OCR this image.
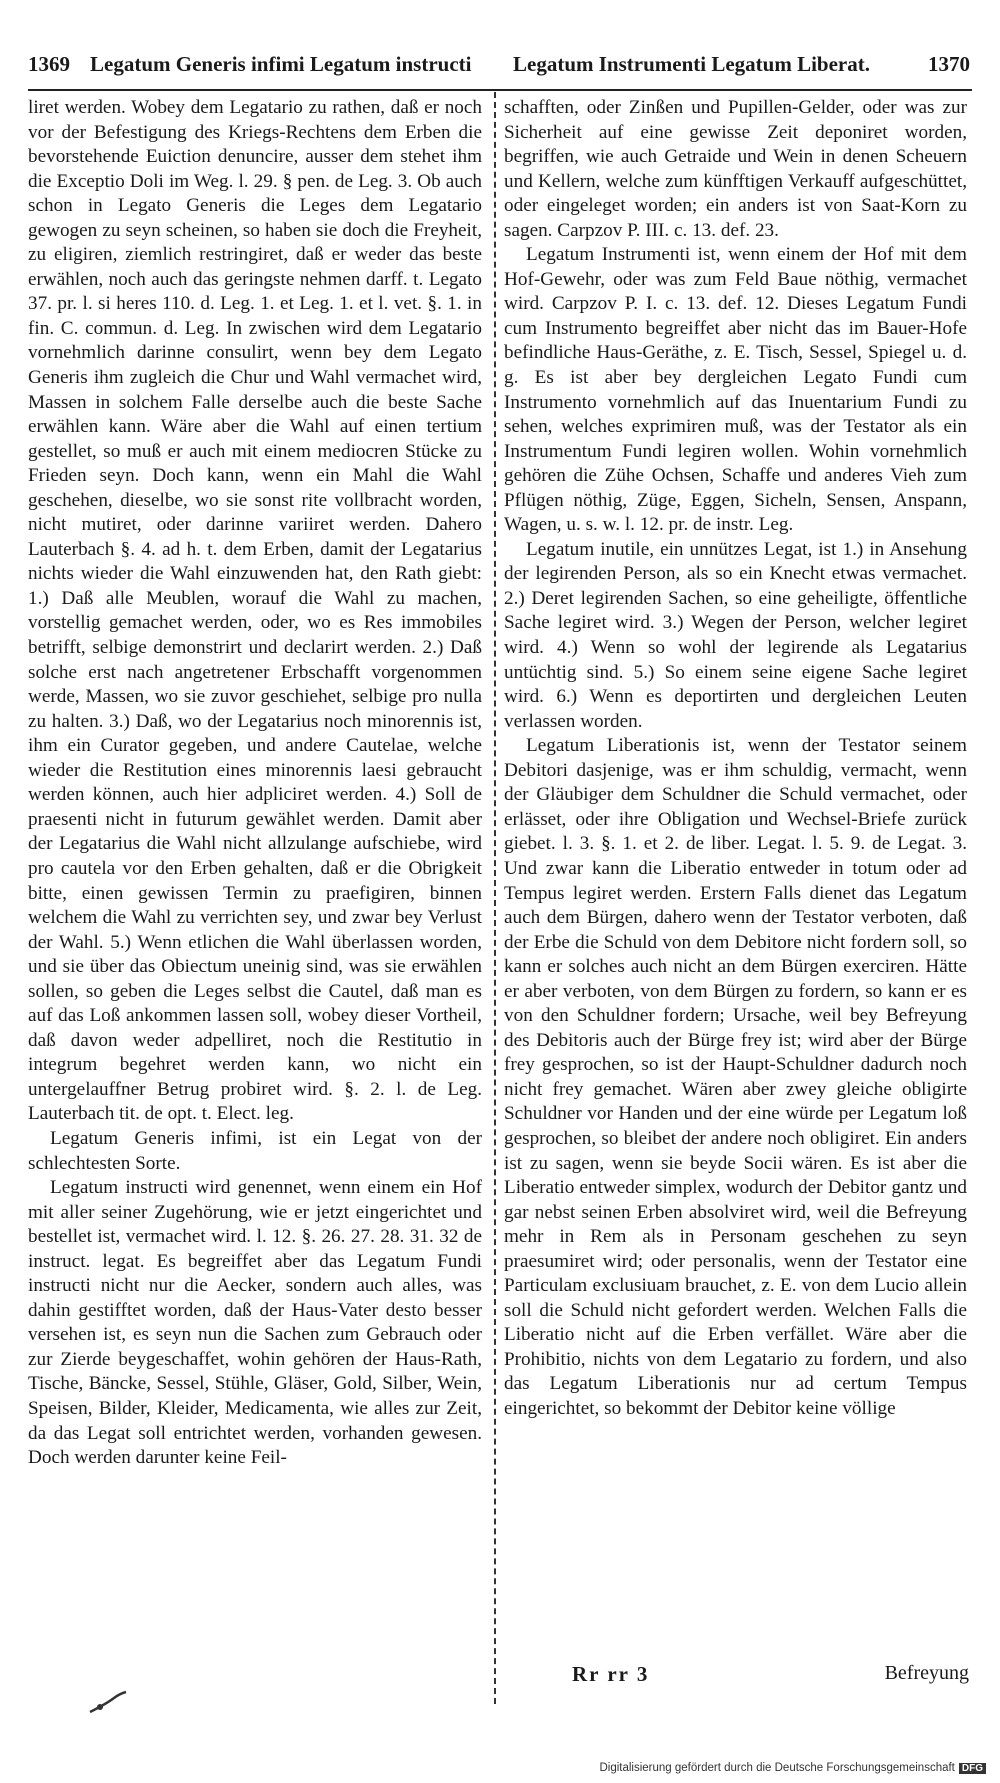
1369 Legatum Generis infimi Legatum instructi Legatum Instrumenti Legatum Liberat.	1370

liret werden. Wobey dem Legatario zu rathen, daß er noch vor der Befestigung des Kriegs-Rechtens dem Erben die bevorstehende Euiction denuncire, ausser dem stehet ihm die Exceptio Doli im Weg. l. 29. § pen. de Leg. 3. Ob auch schon in Legato Generis die Leges dem Legatario gewogen zu seyn scheinen, so haben sie doch die Freyheit, zu eligiren, ziemlich restringiret, daß er weder das beste erwählen, noch auch das geringste nehmen darff. t. Legato 37. pr. l. si heres 110. d. Leg. 1. et Leg. 1. et l. vet. §. 1. in fin. C. commun. d. Leg. In zwischen wird dem Legatario vornehmlich darinne consulirt, wenn bey dem Legato Generis ihm zugleich die Chur und Wahl vermachet wird, Massen in solchem Falle derselbe auch die beste Sache erwählen kann. Wäre aber die Wahl auf einen tertium gestellet, so muß er auch mit einem mediocren Stücke zu Frieden seyn. Doch kann, wenn ein Mahl die Wahl geschehen, dieselbe, wo sie sonst rite vollbracht worden, nicht mutiret, oder darinne variiret werden. Dahero Lauterbach §. 4. ad h. t. dem Erben, damit der Legatarius nichts wieder die Wahl einzuwenden hat, den Rath giebt: 1.) Daß alle Meublen, worauf die Wahl zu machen, vorstellig gemachet werden, oder, wo es Res immobiles betrifft, selbige demonstrirt und declarirt werden. 2.) Daß solche erst nach angetretener Erbschafft vorgenommen werde, Massen, wo sie zuvor geschiehet, selbige pro nulla zu halten. 3.) Daß, wo der Legatarius noch minorennis ist, ihm ein Curator gegeben, und andere Cautelae, welche wieder die Restitution eines minorennis laesi gebraucht werden können, auch hier adpliciret werden. 4.) Soll de praesenti nicht in futurum gewählet werden. Damit aber der Legatarius die Wahl nicht allzulange aufschiebe, wird pro cautela vor den Erben gehalten, daß er die Obrigkeit bitte, einen gewissen Termin zu praefigiren, binnen welchem die Wahl zu verrichten sey, und zwar bey Verlust der Wahl. 5.) Wenn etlichen die Wahl überlassen worden, und sie über das Obiectum uneinig sind, was sie erwählen sollen, so geben die Leges selbst die Cautel, daß man es auf das Loß ankommen lassen soll, wobey dieser Vortheil, daß davon weder adpelliret, noch die Restitutio in integrum begehret werden kann, wo nicht ein untergelauffner Betrug probiret wird. §. 2. l. de Leg. Lauterbach tit. de opt. t. Elect. leg.

Legatum Generis infimi, ist ein Legat von der schlechtesten Sorte.

Legatum instructi wird genennet, wenn einem ein Hof mit aller seiner Zugehörung, wie er jetzt eingerichtet und bestellet ist, vermachet wird. l. 12. §. 26. 27. 28. 31. 32 de instruct. legat. Es begreiffet aber das Legatum Fundi instructi nicht nur die Aecker, sondern auch alles, was dahin gestifftet worden, daß der Haus-Vater desto besser versehen ist, es seyn nun die Sachen zum Gebrauch oder zur Zierde beygeschaffet, wohin gehören der Haus-Rath, Tische, Bäncke, Sessel, Stühle, Gläser, Gold, Silber, Wein, Speisen, Bilder, Kleider, Medicamenta, wie alles zur Zeit, da das Legat soll entrichtet werden, vorhanden gewesen. Doch werden darunter keine Feil-

schafften, oder Zinßen und Pupillen-Gelder, oder was zur Sicherheit auf eine gewisse Zeit deponiret worden, begriffen, wie auch Getraide und Wein in denen Scheuern und Kellern, welche zum künfftigen Verkauff aufgeschüttet, oder eingeleget worden; ein anders ist von Saat-Korn zu sagen. Carpzov P. III. c. 13. def. 23.

Legatum Instrumenti ist, wenn einem der Hof mit dem Hof-Gewehr, oder was zum Feld Baue nöthig, vermachet wird. Carpzov P. I. c. 13. def. 12. Dieses Legatum Fundi cum Instrumento begreiffet aber nicht das im Bauer-Hofe befindliche Haus-Geräthe, z. E. Tisch, Sessel, Spiegel u. d. g. Es ist aber bey dergleichen Legato Fundi cum Instrumento vornehmlich auf das Inuentarium Fundi zu sehen, welches exprimiren muß, was der Testator als ein Instrumentum Fundi legiren wollen. Wohin vornehmlich gehören die Zühe Ochsen, Schaffe und anderes Vieh zum Pflügen nöthig, Züge, Eggen, Sicheln, Sensen, Anspann, Wagen, u. s. w. l. 12. pr. de instr. Leg.

Legatum inutile, ein unnützes Legat, ist 1.) in Ansehung der legirenden Person, als so ein Knecht etwas vermachet. 2.) Deret legirenden Sachen, so eine geheiligte, öffentliche Sache legiret wird. 3.) Wegen der Person, welcher legiret wird. 4.) Wenn so wohl der legirende als Legatarius untüchtig sind. 5.) So einem seine eigene Sache legiret wird. 6.) Wenn es deportirten und dergleichen Leuten verlassen worden.

Legatum Liberationis ist, wenn der Testator seinem Debitori dasjenige, was er ihm schuldig, vermacht, wenn der Gläubiger dem Schuldner die Schuld vermachet, oder erlässet, oder ihre Obligation und Wechsel-Briefe zurück giebet. l. 3. §. 1. et 2. de liber. Legat. l. 5. 9. de Legat. 3. Und zwar kann die Liberatio entweder in totum oder ad Tempus legiret werden. Erstern Falls dienet das Legatum auch dem Bürgen, dahero wenn der Testator verboten, daß der Erbe die Schuld von dem Debitore nicht fordern soll, so kann er solches auch nicht an dem Bürgen exerciren. Hätte er aber verboten, von dem Bürgen zu fordern, so kann er es von den Schuldner fordern; Ursache, weil bey Befreyung des Debitoris auch der Bürge frey ist; wird aber der Bürge frey gesprochen, so ist der Haupt-Schuldner dadurch noch nicht frey gemachet. Wären aber zwey gleiche obligirte Schuldner vor Handen und der eine würde per Legatum loß gesprochen, so bleibet der andere noch obligiret. Ein anders ist zu sagen, wenn sie beyde Socii wären. Es ist aber die Liberatio entweder simplex, wodurch der Debitor gantz und gar nebst seinen Erben absolviret wird, weil die Befreyung mehr in Rem als in Personam geschehen zu seyn praesumiret wird; oder personalis, wenn der Testator eine Particulam exclusiuam brauchet, z. E. von dem Lucio allein soll die Schuld nicht gefordert werden. Welchen Falls die Liberatio nicht auf die Erben verfället. Wäre aber die Prohibitio, nichts von dem Legatario zu fordern, und also das Legatum Liberationis nur ad certum Tempus eingerichtet, so bekommt der Debitor keine völlige

Rr rr 3	Befreyung
Digitalisierung gefördert durch die Deutsche Forschungsgemeinschaft DFG
